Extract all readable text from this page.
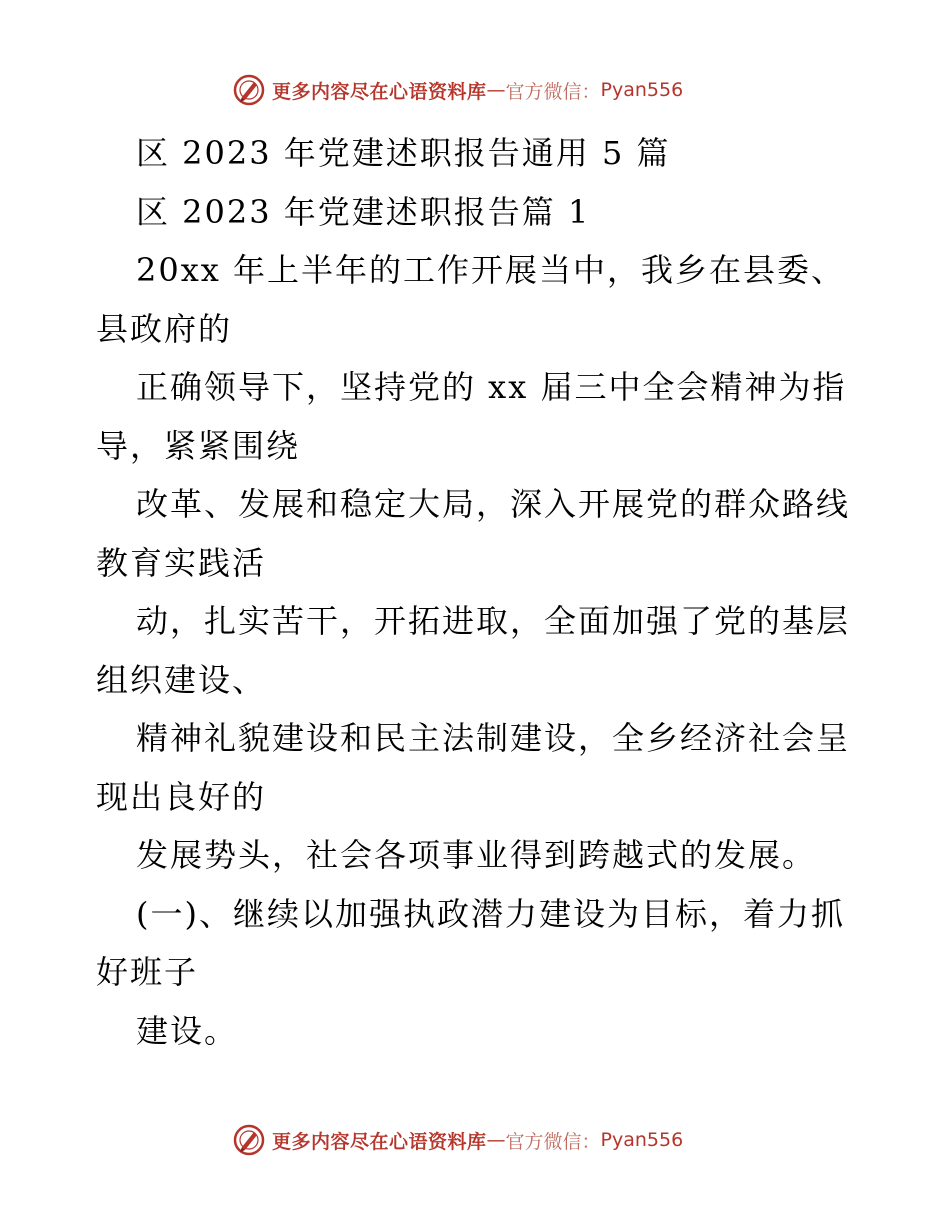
更多内容尽在心语资料库 — 官方微信： Pyan556
区 2023 年党建述职报告通用 5 篇
区 2023 年党建述职报告篇 1
20xx 年上半年的工作开展当中，我乡在县委、
县政府的
正确领导下，坚持党的 xx 届三中全会精神为指
导，紧紧围绕
改革、发展和稳定大局，深入开展党的群众路线
教育实践活
动，扎实苦干，开拓进取，全面加强了党的基层
组织建设、
精神礼貌建设和民主法制建设，全乡经济社会呈
现出良好的
发展势头，社会各项事业得到跨越式的发展。
(一)、继续以加强执政潜力建设为目标，着力抓
好班子
建设。
更多内容尽在心语资料库 — 官方微信： Pyan556
